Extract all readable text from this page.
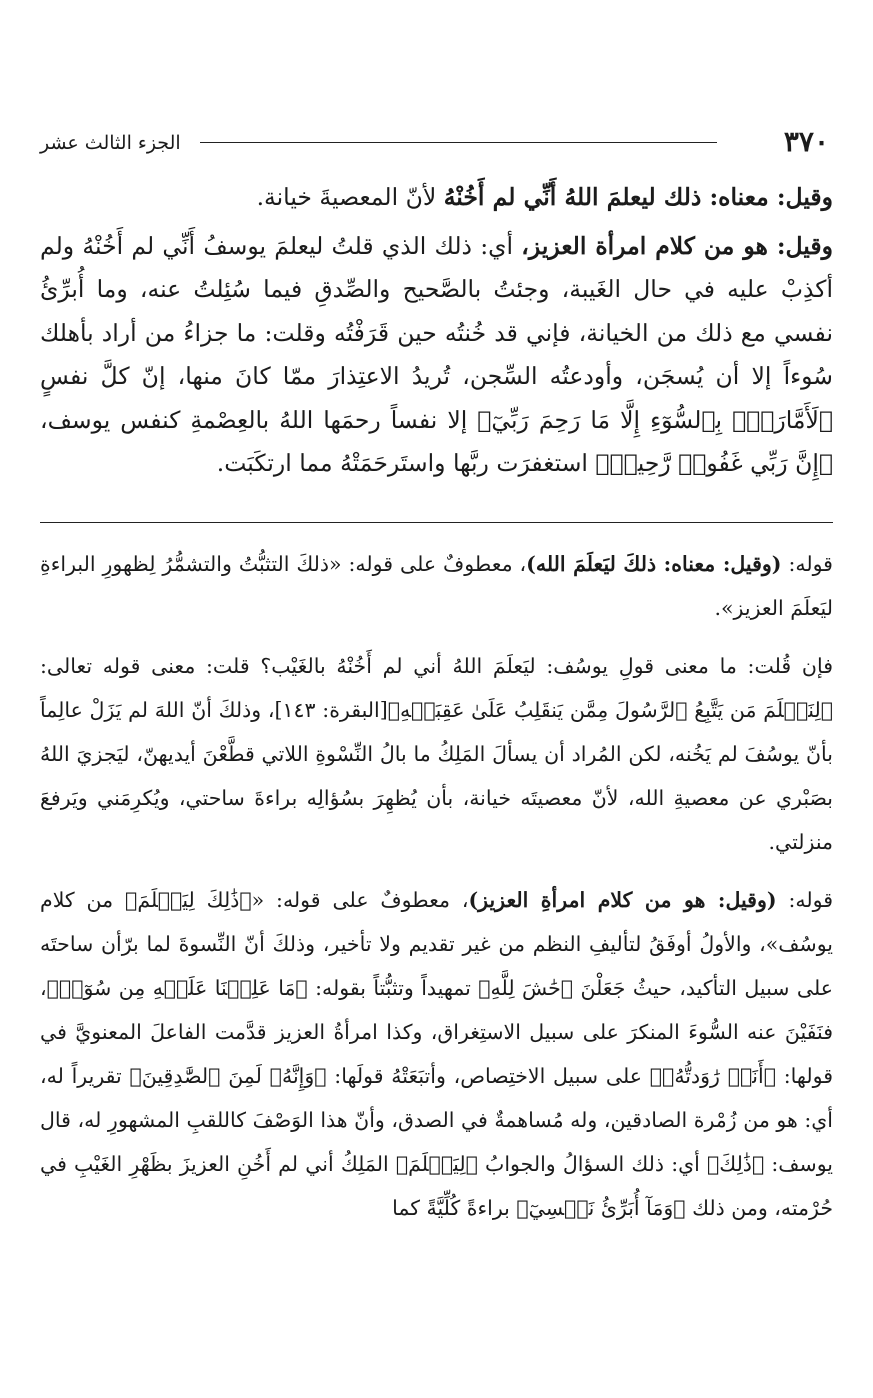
٣٧٠
الجزء الثالث عشر

وقيل: معناه: ذلك ليعلمَ اللهُ أَنِّي لم أَخُنْهُ لأنّ المعصيةَ خيانة.

وقيل: هو من كلام امرأة العزيز، أي: ذلك الذي قلتُ ليعلمَ يوسفُ أَنِّي لم أَخُنْهُ ولم أكذِبْ عليه في حال الغَيبة، وجئتُ بالصَّحيح والصِّدقِ فيما سُئِلتُ عنه، وما أُبرِّئُ نفسي مع ذلك من الخيانة، فإني قد خُنتُه حين قَرَفْتُه وقلت: ما جزاءُ من أراد بأهلك سُوءاً إلا أن يُسجَن، وأودعتُه السِّجن، تُريدُ الاعتِذارَ ممّا كانَ منها، إنّ كلَّ نفسٍ ﴿لَأَمَّارَةُۢ بِٱلسُّوٓءِ إِلَّا مَا رَحِمَ رَبِّيٓ﴾ إلا نفساً رحمَها اللهُ بالعِصْمةِ كنفس يوسف، ﴿إِنَّ رَبِّي غَفُورٞ رَّحِيمٞ﴾ استغفرَت ربَّها واستَرحَمَتْهُ مما ارتكَبَت.

قوله: (وقيل: معناه: ذلكَ ليَعلَمَ الله)، معطوفٌ على قوله: «ذلكَ التثبُّتُ والتشمُّرُ لِظهورِ البراءةِ ليَعلَمَ العزيز».

فإن قُلت: ما معنى قولِ يوسُف: ليَعلَمَ اللهُ أني لم أَخُنْهُ بالغَيْب؟ قلت: معنى قوله تعالى: ﴿لِنَعۡلَمَ مَن يَتَّبِعُ ٱلرَّسُولَ مِمَّن يَنقَلِبُ عَلَىٰ عَقِبَيۡهِ﴾[البقرة: ١٤٣]، وذلكَ أنّ اللهَ لم يَزَلْ عالِماً بأنّ يوسُفَ لم يَخُنه، لكن المُراد أن يسألَ المَلِكُ ما بالُ النِّسْوةِ اللاتي قطَّعْنَ أيديهنّ، ليَجزيَ اللهُ بصَبْري عن معصيةِ الله، لأنّ معصيتَه خيانة، بأن يُظهِرَ بسُؤالِه براءةَ ساحتي، ويُكرِمَني ويَرفعَ منزلتي.

قوله: (وقيل: هو من كلام امرأةِ العزيز)، معطوفٌ على قوله: «﴿ذَٰلِكَ لِيَعۡلَمَ﴾ من كلام يوسُف»، والأولُ أوفَقُ لتأليفِ النظم من غير تقديم ولا تأخير، وذلكَ أنّ النِّسوةَ لما برّأن ساحتَه على سبيل التأكيد، حيثُ جَعَلْنَ ﴿حَٰشَ لِلَّهِ﴾ تمهيداً وتثبُّتاً بقوله: ﴿مَا عَلِمۡنَا عَلَيۡهِ مِن سُوٓءٖ﴾، فنَفَيْنَ عنه السُّوءَ المنكرَ على سبيل الاستِغراق، وكذا امرأةُ العزيز قدَّمت الفاعلَ المعنويَّ في قولها: ﴿أَنَا۠ رَٰوَدتُّهُۥ﴾ على سبيل الاختِصاص، وأتبَعَتْهُ قولَها: ﴿وَإِنَّهُۥ لَمِنَ ٱلصَّٰدِقِينَ﴾ تقريراً له، أي: هو من زُمْرة الصادقين، وله مُساهمةٌ في الصدق، وأنّ هذا الوَصْفَ كاللقبِ المشهورِ له، قال يوسف: ﴿ذَٰلِكَ﴾ أي: ذلك السؤالُ والجوابُ ﴿لِيَعۡلَمَ﴾ المَلِكُ أني لم أَخُنِ العزيزَ بظَهْرِ الغَيْبِ في حُرْمته، ومن ذلك ﴿وَمَآ أُبَرِّئُ نَفۡسِيٓ﴾ براءةً كُلِّيَّةً كما
